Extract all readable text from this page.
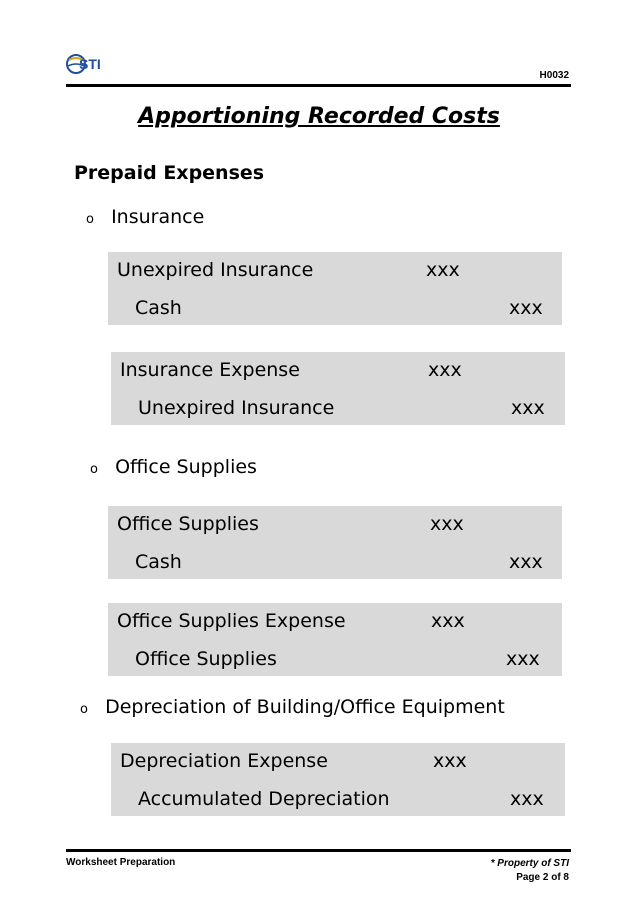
STI
H0032
Apportioning Recorded Costs
Prepaid Expenses
o Insurance
Unexpired Insurance	xxx
Cash	xxx
Insurance Expense	xxx
Unexpired Insurance	xxx
o Office Supplies
Office Supplies	xxx
Cash	xxx
Office Supplies Expense	xxx
Office Supplies	xxx
o Depreciation of Building/Office Equipment
Depreciation Expense	xxx
Accumulated Depreciation	xxx
Worksheet Preparation	* Property of STI
Page 2 of 8
